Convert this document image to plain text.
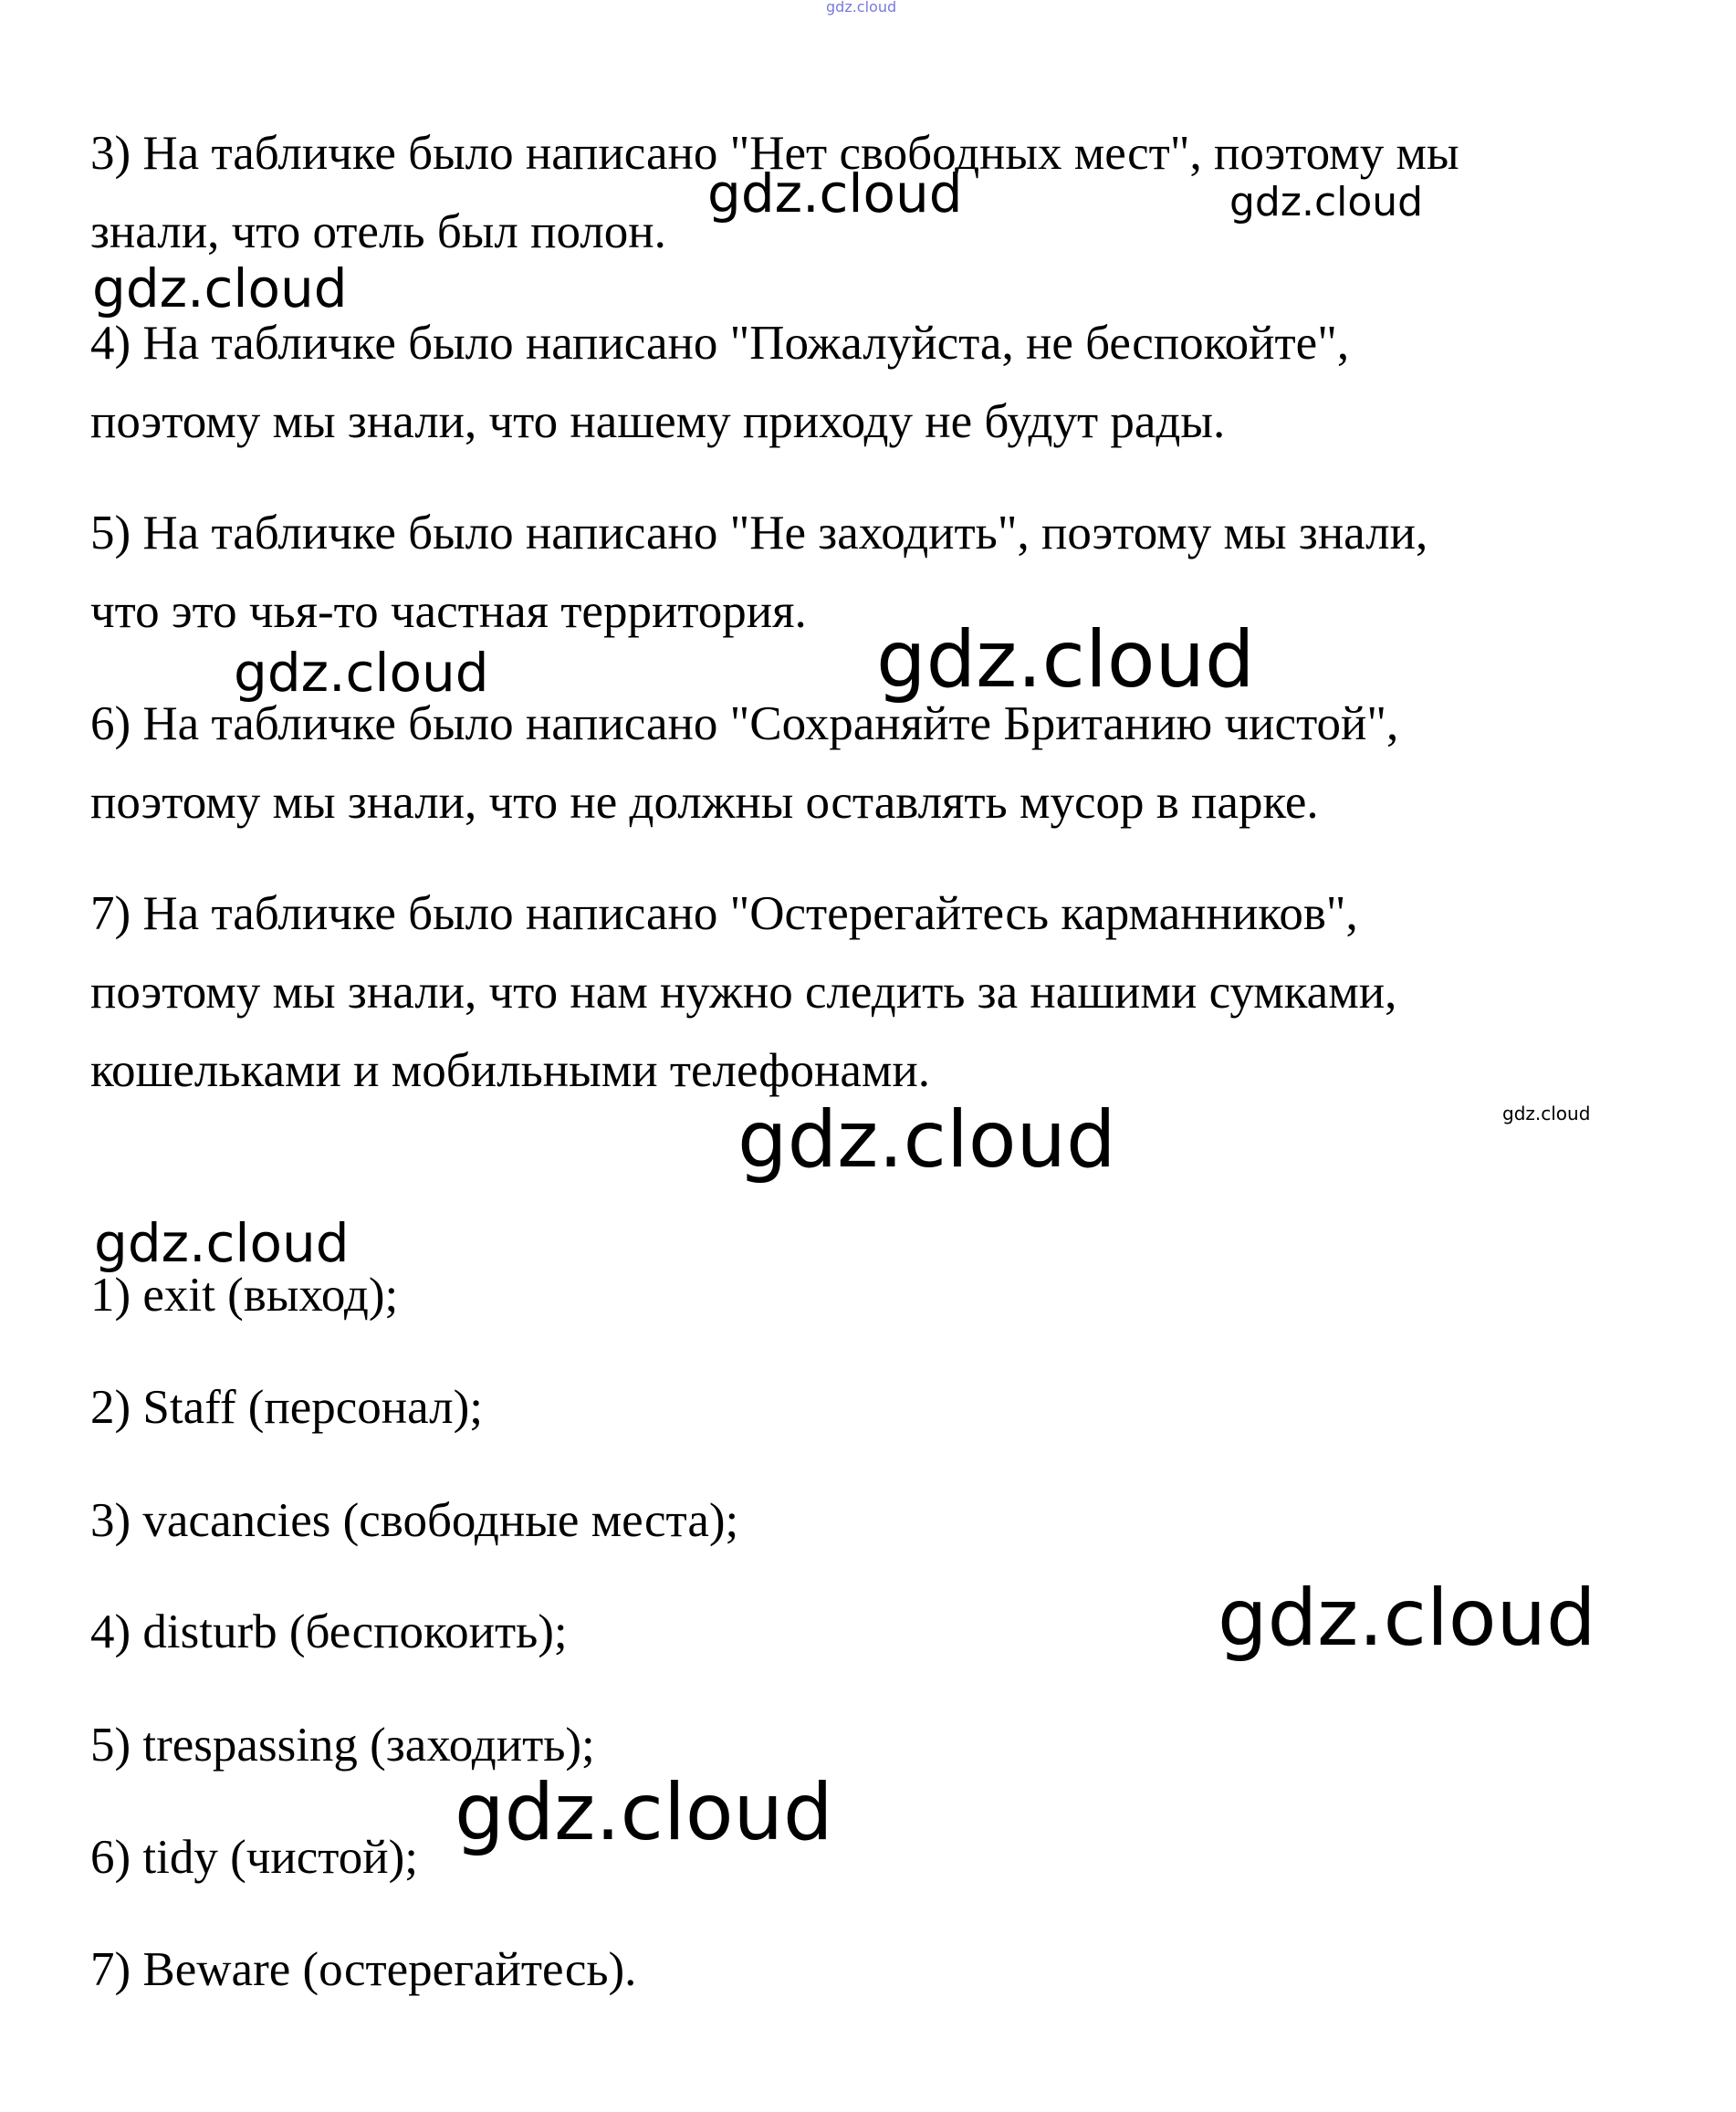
gdz.cloud
3) На табличке было написано "Нет свободных мест", поэтому мы
знали, что отель был полон.
4) На табличке было написано "Пожалуйста, не беспокойте",
поэтому мы знали, что нашему приходу не будут рады.
5) На табличке было написано "Не заходить", поэтому мы знали,
что это чья-то частная территория.
6) На табличке было написано "Сохраняйте Британию чистой",
поэтому мы знали, что не должны оставлять мусор в парке.
7) На табличке было написано "Остерегайтесь карманников",
поэтому мы знали, что нам нужно следить за нашими сумками,
кошельками и мобильными телефонами.
1) exit (выход);
2) Staff (персонал);
3) vacancies (свободные места);
4) disturb (беспокоить);
5) trespassing (заходить);
6) tidy (чистой);
7) Beware (остерегайтесь).
gdz.cloud	gdz.cloud
gdz.cloud
gdz.cloud	gdz.cloud
gdz.cloud	gdz.cloud
gdz.cloud
gdz.cloud
gdz.cloud
